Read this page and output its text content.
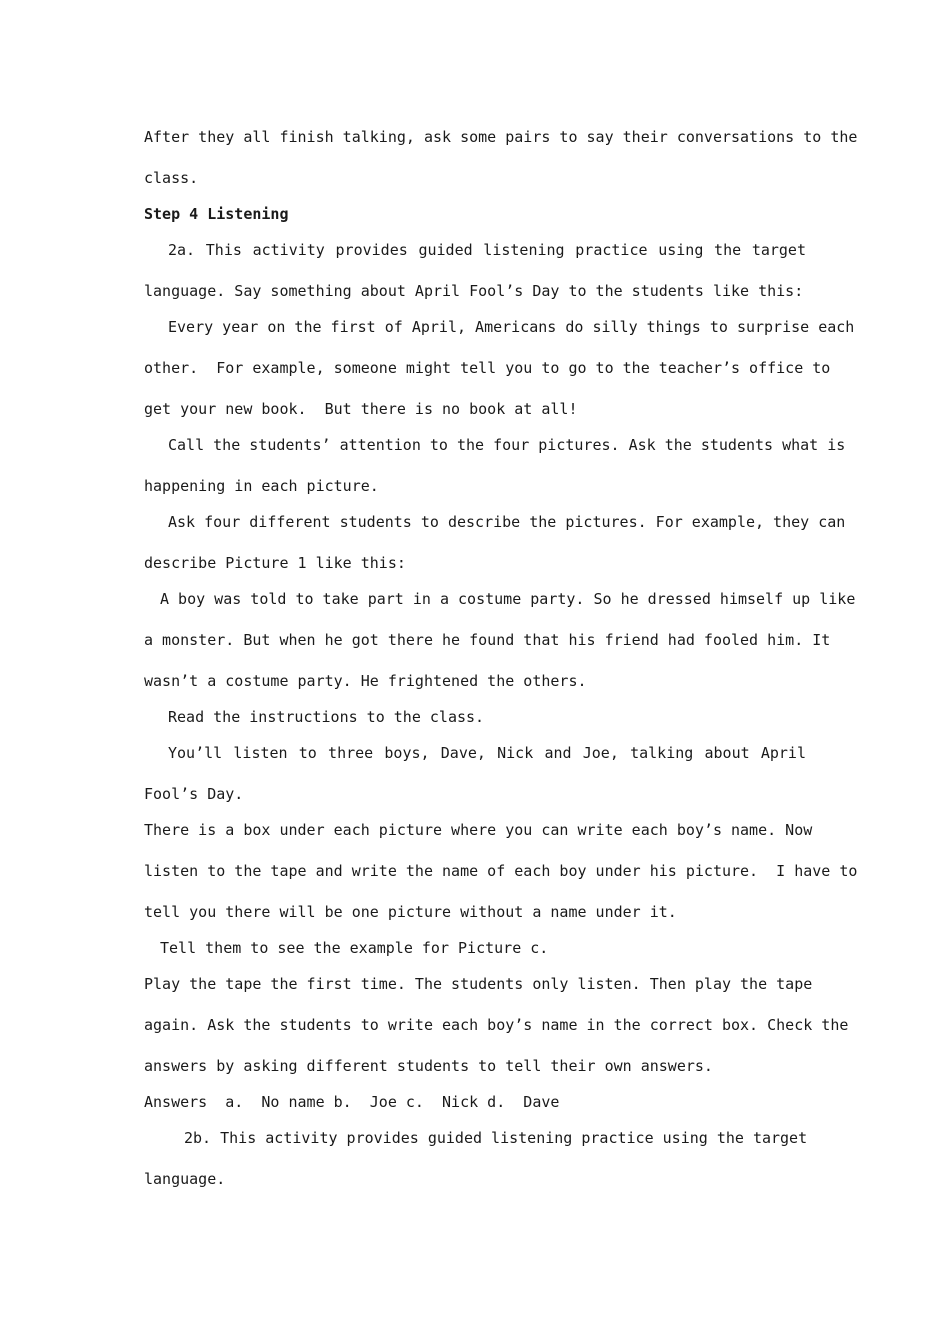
After they all finish talking, ask some pairs to say their conversations to the
class.
Step 4 Listening
2a. This activity provides guided listening practice using the target
language. Say something about April Fool’s Day to the students like this:
Every year on the first of April, Americans do silly things to surprise each
other.  For example, someone might tell you to go to the teacher’s office to
get your new book.  But there is no book at all!
Call the students’ attention to the four pictures. Ask the students what is
happening in each picture.
Ask four different students to describe the pictures. For example, they can
describe Picture 1 like this:
A boy was told to take part in a costume party. So he dressed himself up like
a monster. But when he got there he found that his friend had fooled him. It
wasn’t a costume party. He frightened the others.
Read the instructions to the class.
You’ll listen to three boys, Dave, Nick and Joe, talking about April
Fool’s Day.
There is a box under each picture where you can write each boy’s name. Now
listen to the tape and write the name of each boy under his picture.  I have to
tell you there will be one picture without a name under it.
Tell them to see the example for Picture c.
Play the tape the first time. The students only listen. Then play the tape
again. Ask the students to write each boy’s name in the correct box. Check the
answers by asking different students to tell their own answers.
Answers  a.  No name b.  Joe c.  Nick d.  Dave
2b. This activity provides guided listening practice using the target
language.
